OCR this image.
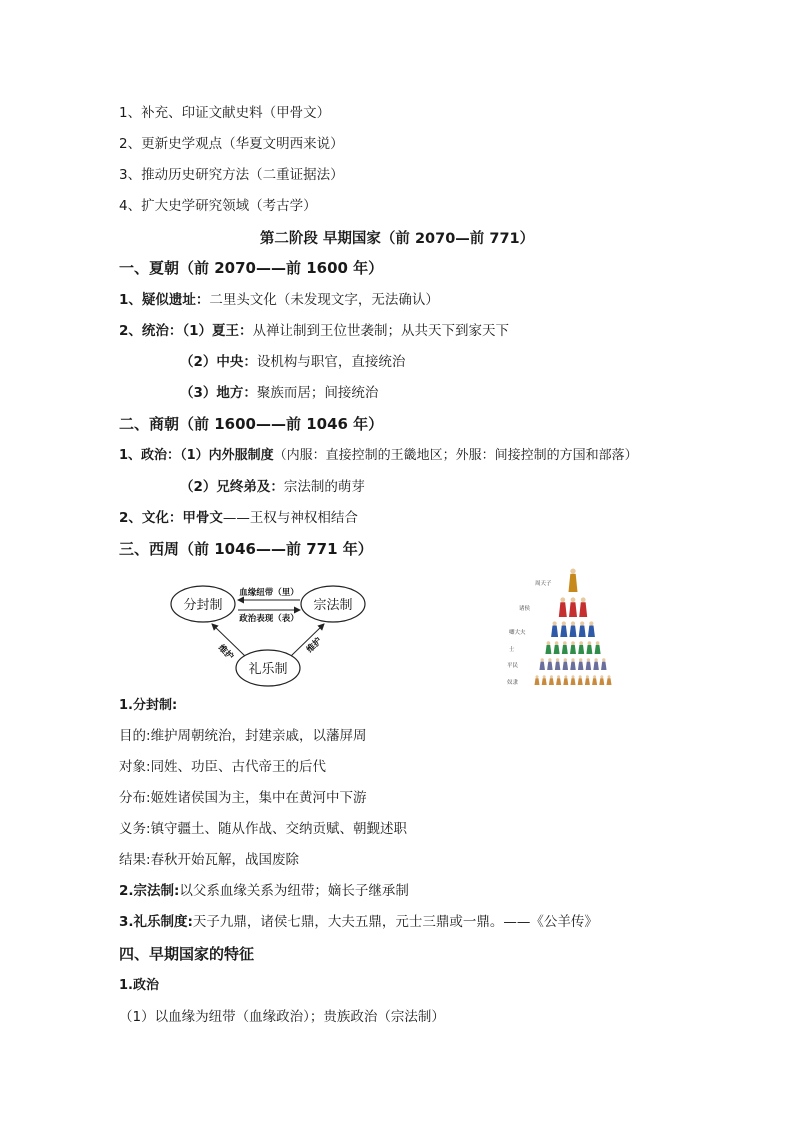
1、补充、印证文献史料（甲骨文）
2、更新史学观点（华夏文明西来说）
3、推动历史研究方法（二重证据法）
4、扩大史学研究领域（考古学）
第二阶段 早期国家（前 2070—前 771）
一、夏朝（前 2070——前 1600 年）
1、疑似遗址：二里头文化（未发现文字，无法确认）
2、统治：（1）夏王：从禅让制到王位世袭制；从共天下到家天下
（2）中央：设机构与职官，直接统治
（3）地方：聚族而居；间接统治
二、商朝（前 1600——前 1046 年）
1、政治：（1）内外服制度（内服：直接控制的王畿地区；外服：间接控制的方国和部落）
（2）兄终弟及：宗法制的萌芽
2、文化：甲骨文——王权与神权相结合
三、西周（前 1046——前 771 年）
分封制	宗法制
礼乐制
血缘纽带（里）
政治表现（表）
维护	维护
周天子
诸侯
卿大夫
士
平民
奴隶
1.分封制:
目的:维护周朝统治，封建亲戚，以藩屏周
对象:同姓、功臣、古代帝王的后代
分布:姬姓诸侯国为主，集中在黄河中下游
义务:镇守疆土、随从作战、交纳贡赋、朝觐述职
结果:春秋开始瓦解，战国废除
2.宗法制:以父系血缘关系为纽带；嫡长子继承制
3.礼乐制度:天子九鼎，诸侯七鼎，大夫五鼎，元士三鼎或一鼎。——《公羊传》
四、早期国家的特征
1.政治
（1）以血缘为纽带（血缘政治）；贵族政治（宗法制）
